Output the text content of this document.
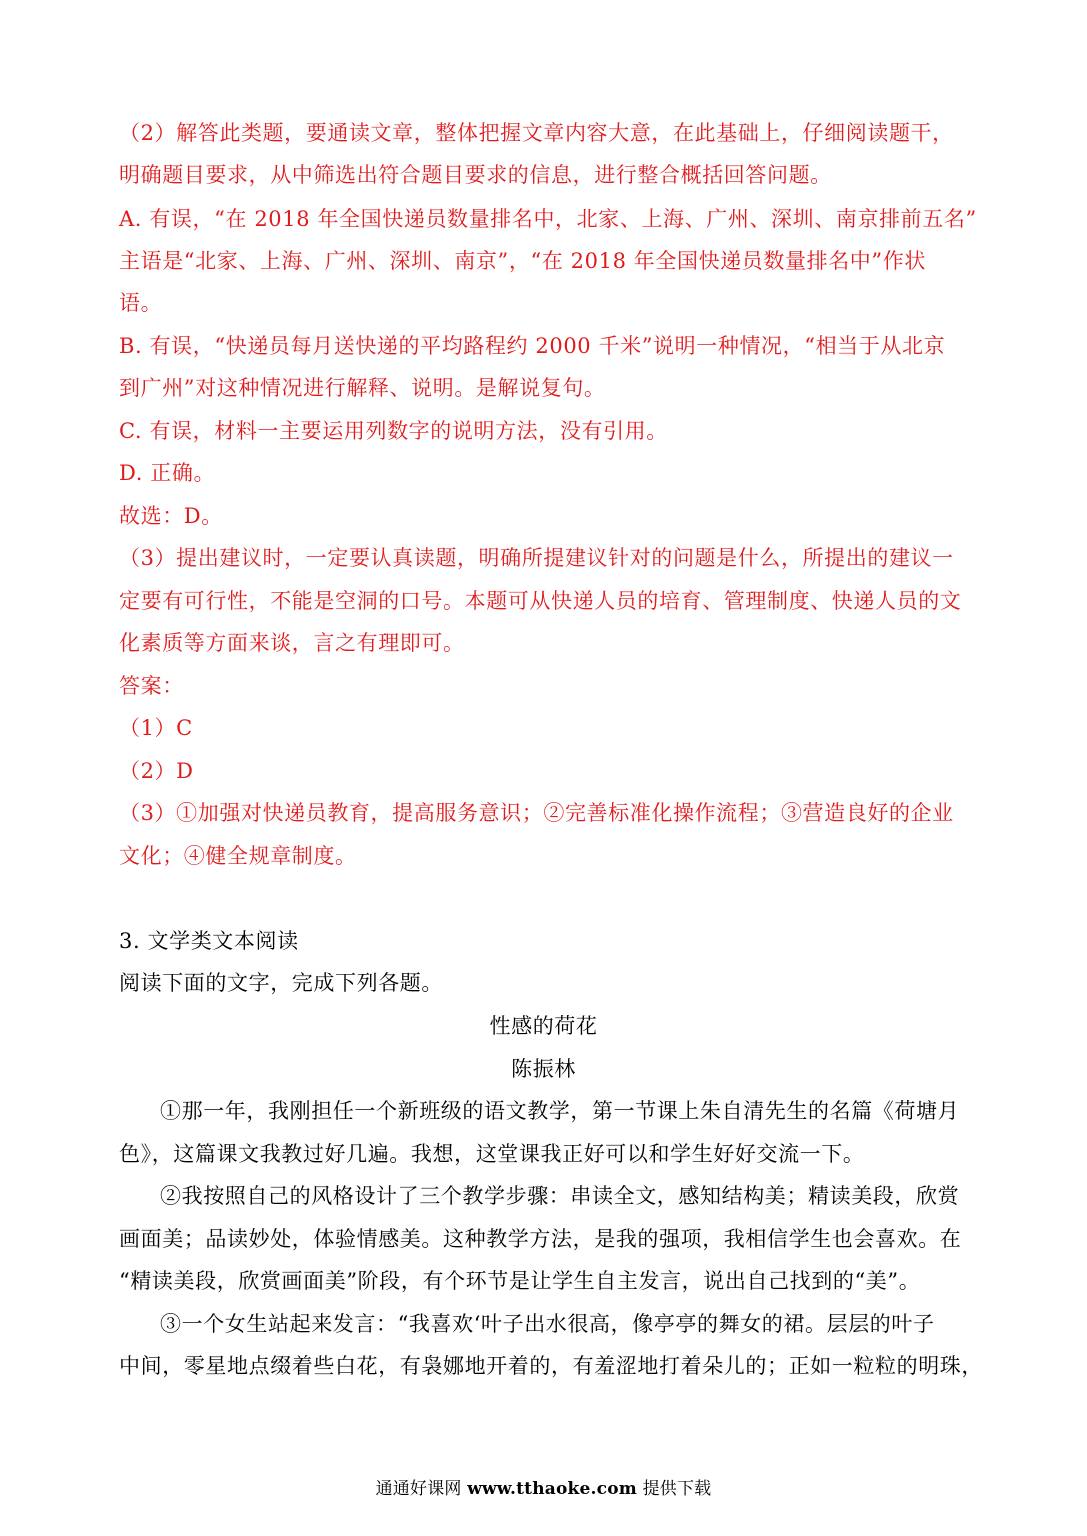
（2）解答此类题，要通读文章，整体把握文章内容大意，在此基础上，仔细阅读题干，
明确题目要求，从中筛选出符合题目要求的信息，进行整合概括回答问题。
A. 有误，“在 2018 年全国快递员数量排名中，北家、上海、广州、深圳、南京排前五名”
主语是“北家、上海、广州、深圳、南京”，“在 2018 年全国快递员数量排名中”作状
语。
B. 有误，“快递员每月送快递的平均路程约 2000 千米”说明一种情况，“相当于从北京
到广州”对这种情况进行解释、说明。是解说复句。
C. 有误，材料一主要运用列数字的说明方法，没有引用。
D. 正确。
故选：D。
（3）提出建议时，一定要认真读题，明确所提建议针对的问题是什么，所提出的建议一
定要有可行性，不能是空洞的口号。本题可从快递人员的培育、管理制度、快递人员的文
化素质等方面来谈，言之有理即可。
答案：
（1）C
（2）D
（3）①加强对快递员教育，提高服务意识；②完善标准化操作流程；③营造良好的企业
文化；④健全规章制度。
3. 文学类文本阅读
阅读下面的文字，完成下列各题。
性感的荷花
陈振林
①那一年，我刚担任一个新班级的语文教学，第一节课上朱自清先生的名篇《荷塘月
色》，这篇课文我教过好几遍。我想，这堂课我正好可以和学生好好交流一下。
②我按照自己的风格设计了三个教学步骤：串读全文，感知结构美；精读美段，欣赏
画面美；品读妙处，体验情感美。这种教学方法，是我的强项，我相信学生也会喜欢。在
“精读美段，欣赏画面美”阶段，有个环节是让学生自主发言，说出自己找到的“美”。
③一个女生站起来发言：“我喜欢‘叶子出水很高，像亭亭的舞女的裙。层层的叶子
中间，零星地点缀着些白花，有袅娜地开着的，有羞涩地打着朵儿的；正如一粒粒的明珠，
通通好课网 www.tthaoke.com 提供下载
